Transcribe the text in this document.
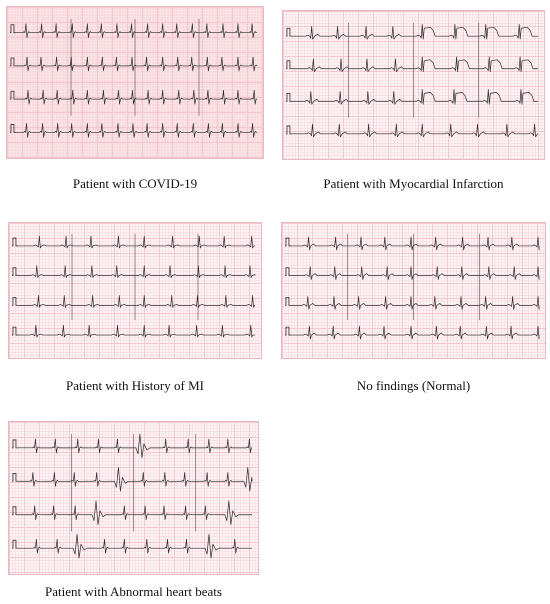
Patient with COVID-19	Patient with Myocardial Infarction
Patient with History of MI	No findings (Normal)
Patient with Abnormal heart beats
